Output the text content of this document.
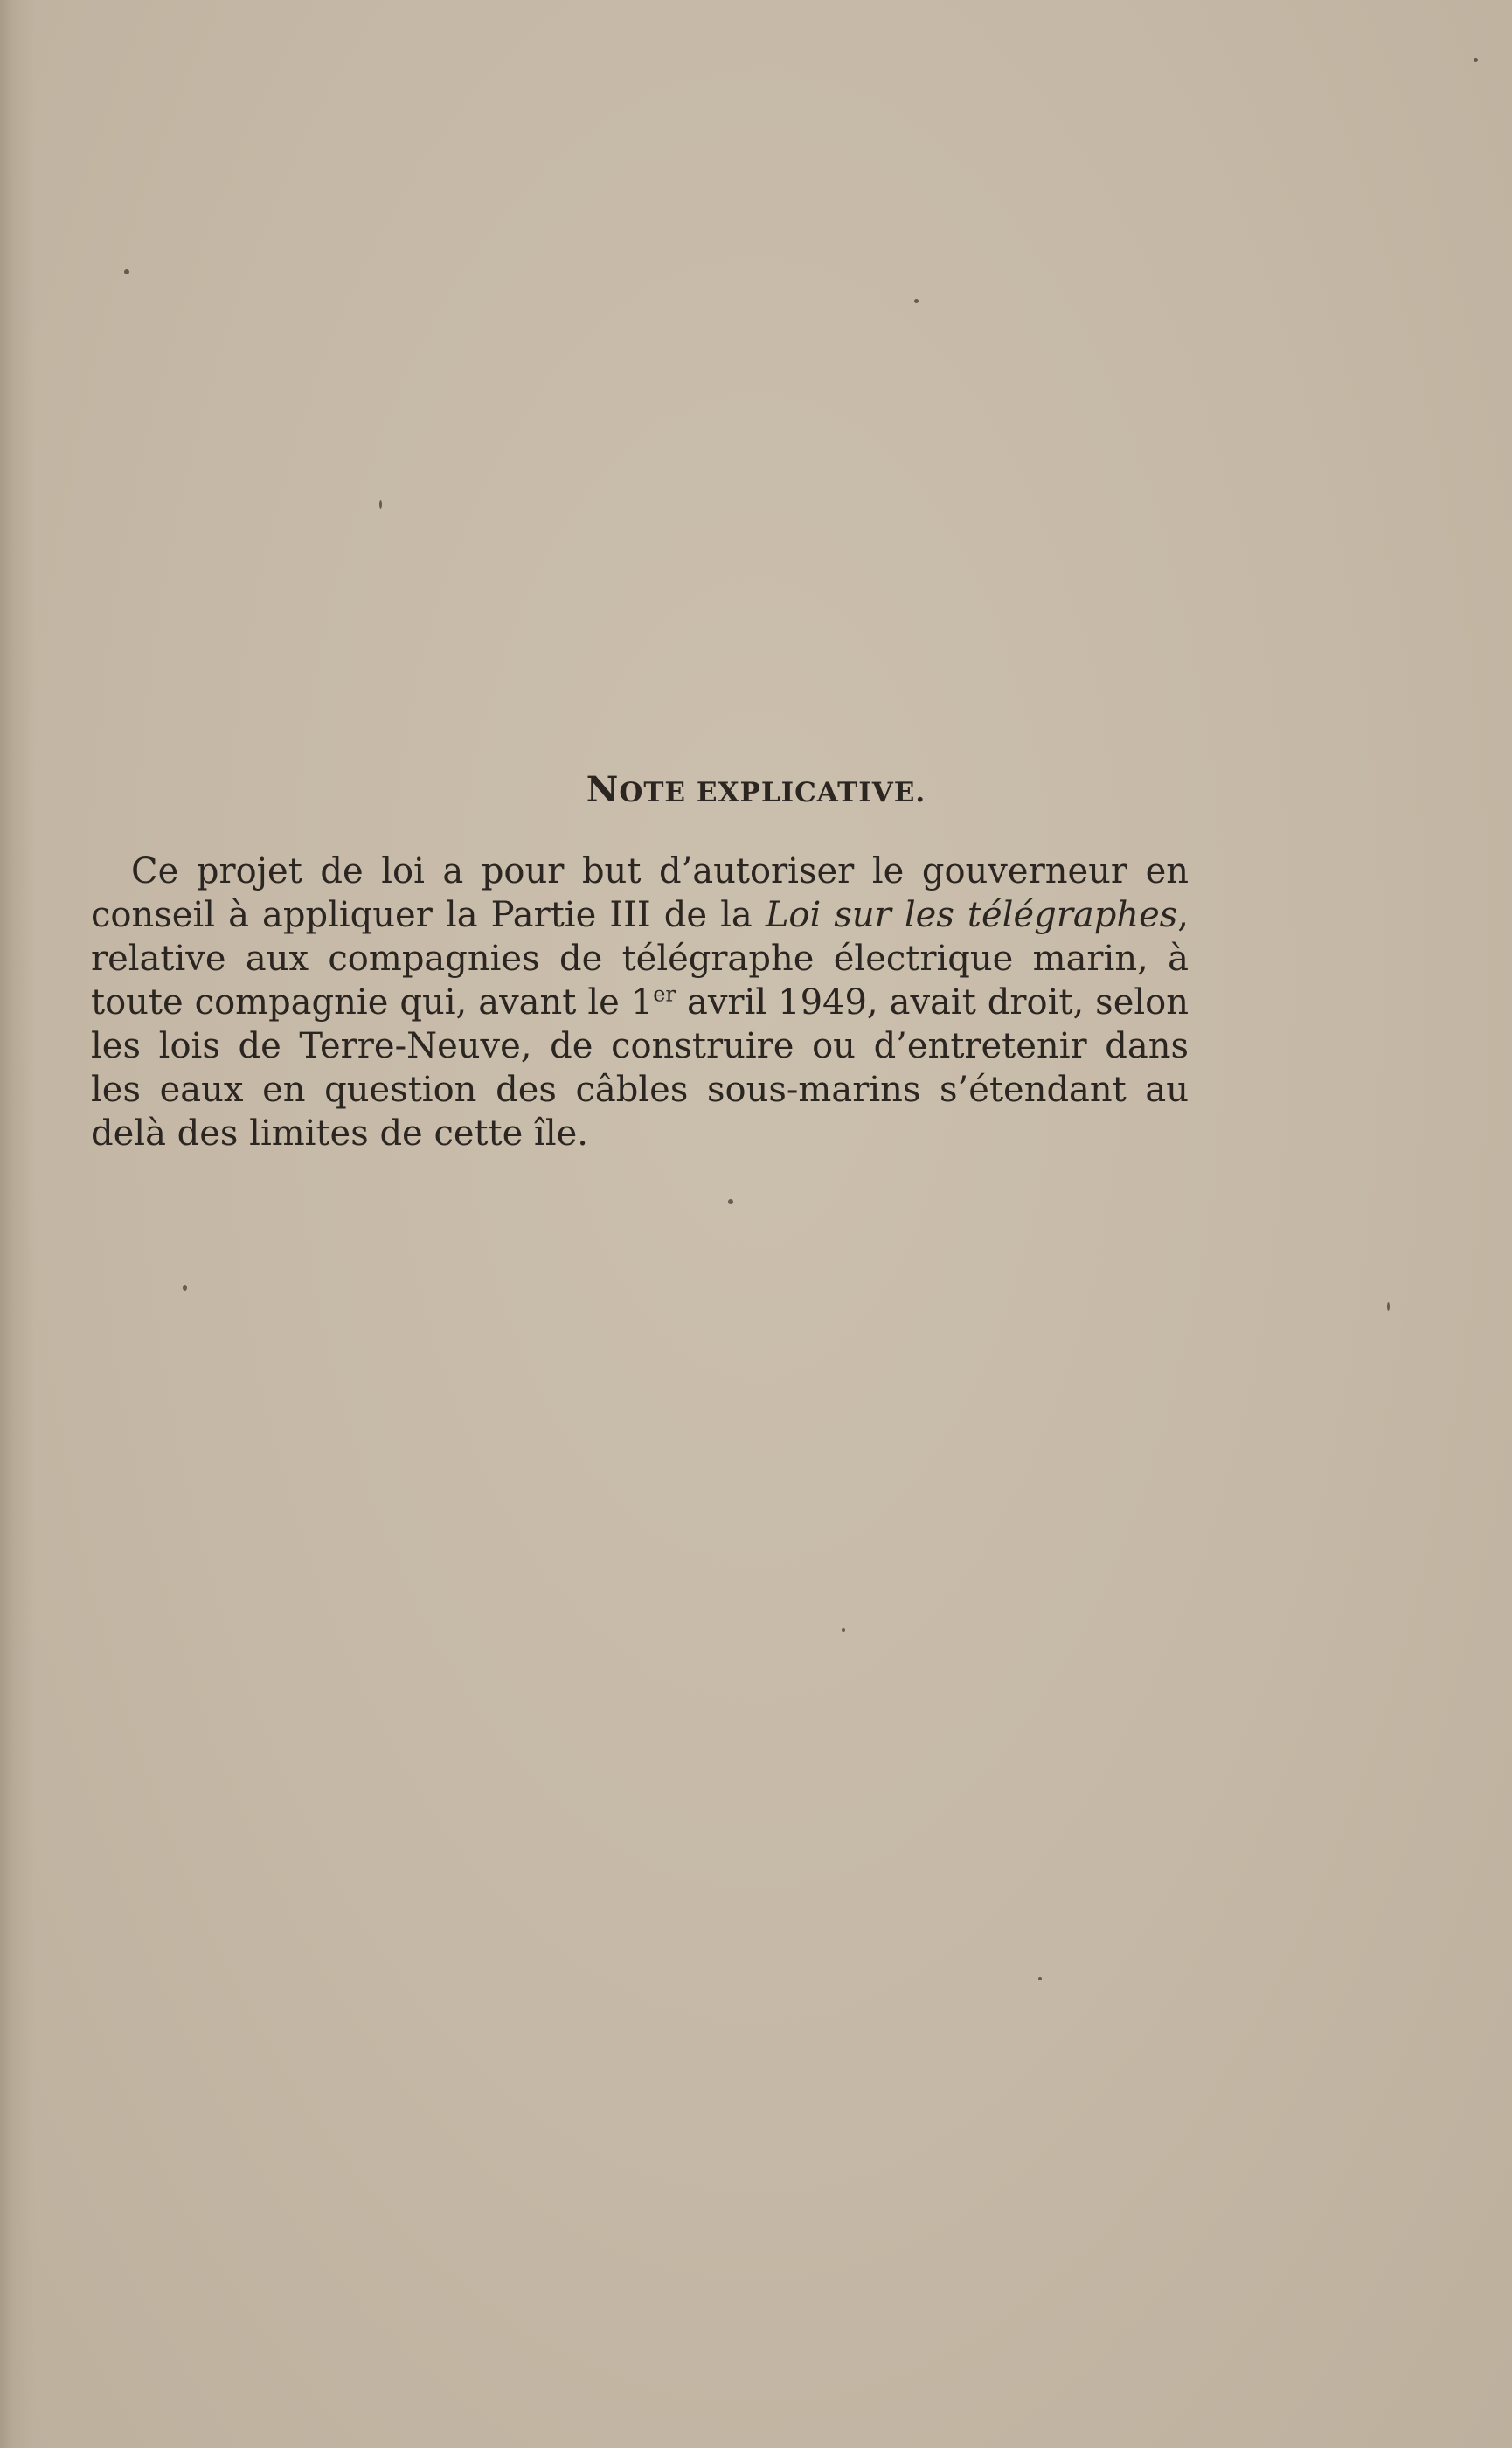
NOTE EXPLICATIVE.

Ce projet de loi a pour but d’autoriser le gouverneur en conseil à appliquer la Partie III de la Loi sur les télégraphes, relative aux compagnies de télégraphe électrique marin, à toute compagnie qui, avant le 1er avril 1949, avait droit, selon les lois de Terre-Neuve, de construire ou d’entretenir dans les eaux en question des câbles sous-marins s’étendant au delà des limites de cette île.
